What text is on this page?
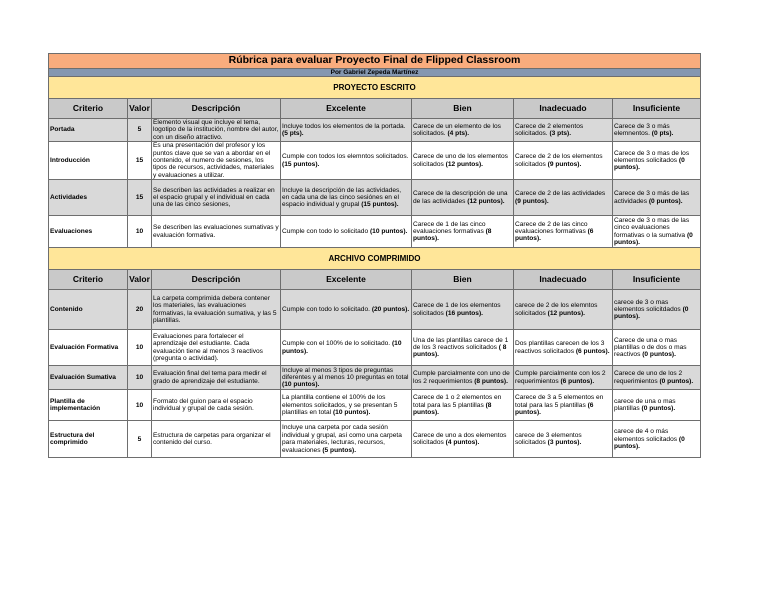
Rúbrica para evaluar Proyecto Final de Flipped Classroom						
Por Gabriel Zepeda Martínez						
PROYECTO ESCRITO						
Criterio	Valor	Descripción	Excelente	Bien	Inadecuado	Insuficiente
Portada	5	Elemento visual que incluye el tema, logotipo de la institución, nombre del autor, con un diseño atractivo.	Incluye todos los elementos de la portada. (5 pts).	Carece de un elemento de los solicitados. (4 pts).	Carece de 2 elementos solicitados. (3 pts).	Carece de 3 o más elemnentos. (0 pts).
Introducción	15	Es una presentación del profesor y los puntos clave que se van a abordar en el contenido, el numero de sesiones, los tipos de recursos, actividades, materiales y evaluaciones a utilizar.	Cumple con todos los elemntos solicitados. (15 puntos).	Carece de uno de los elementos solicitados (12 puntos).	Carece de 2 de los elementos solicitados (9 puntos).	Carece de 3 o mas de los elementos solicitados (0 puntos).
Actividades	15	Se describen las actividades a realizar en el espacio grupal y el individual en cada una de las cinco sesiones,	Incluye la descripción de las actividades, en cada una de las cinco sesiónes en el espacio individual y grupal (15 puntos).	Carece de la descripción de una de las actividades (12 puntos).	Carece de 2 de las actividades (9 puntos).	Carece de 3 o más de las actividades (0 puntos).
Evaluaciones	10	Se describen las evaluaciones sumativas y evaluación formativa.	Cumple con todo lo solicitado (10 puntos).	Carece de 1 de las cinco evaluaciones formativas (8 puntos).	Carece de 2 de las cinco evaluaciones formativas (6 puntos).	Carece de 3 o mas de las cinco evaluaciones formativas o la sumativa (0 puntos).
ARCHIVO COMPRIMIDO						
Criterio	Valor	Descripción	Excelente	Bien	Inadecuado	Insuficiente
Contenido	20	La carpeta comprimida debera contener los materiales, las evaluaciones formativas, la evaluación sumativa, y las 5 plantillas.	Cumple con todo lo solicitado. (20 puntos).	Carece de 1 de los elementos solicitados (16 puntos).	carece de 2 de los elemntos solicitados (12 puntos).	carece de 3 o mas elementos solicitdados (0 puntos).
Evaluación Formativa	10	Evaluaciones para fortalecer el aprendizaje del estudiante. Cada evaluación tiene al menos 3 reactivos (pregunta o actividad).	Cumple con el 100% de lo solicitado. (10 puntos).	Una de las plantillas carece de 1 de los 3 reactivos solicitados ( 8 puntos).	Dos plantillas carecen de los 3 reactivos solicitados (6 puntos).	Carece de una o mas plantillas o de dos o mas reactivos (0 puntos).
Evaluación Sumativa	10	Evaluación final del tema para medir el grado de aprendizaje del estudiante.	Incluye al menos 3 tipos de preguntas diferentes y al menos 10 preguntas en total (10 puntos).	Cumple parcialmente con uno de los 2 requerimientos (8 puntos).	Cumple parcialmente con los 2 requerimientos (6 puntos).	Carece de uno de los 2 requerimientos (0 puntos).
Plantilla de implementación	10	Formato del guion para el espacio individual y grupal de cada sesión.	La plantilla contiene el 100% de los elementos solicitados, y se presentan 5 plantillas en total (10 puntos).	Carece de 1 o 2 elementos en total para las 5 plantillas (8 puntos).	Carece de 3 a 5 elementos en total para las 5 plantillas (6 puntos).	carece de una o mas plantillas (0 puntos).
Estructura del comprimido	5	Estructura de carpetas para organizar el contenido del curso.	Incluye una carpeta por cada sesión individual y grupal, así como una carpeta para materiales, lecturas, recursos, evaluaciones (5 puntos).	Carece de uno a dos elementos solicitados (4 puntos).	carece de 3 elementos solicitados (3 puntos).	carece de 4 o más elementos solicitados (0 puntos).
